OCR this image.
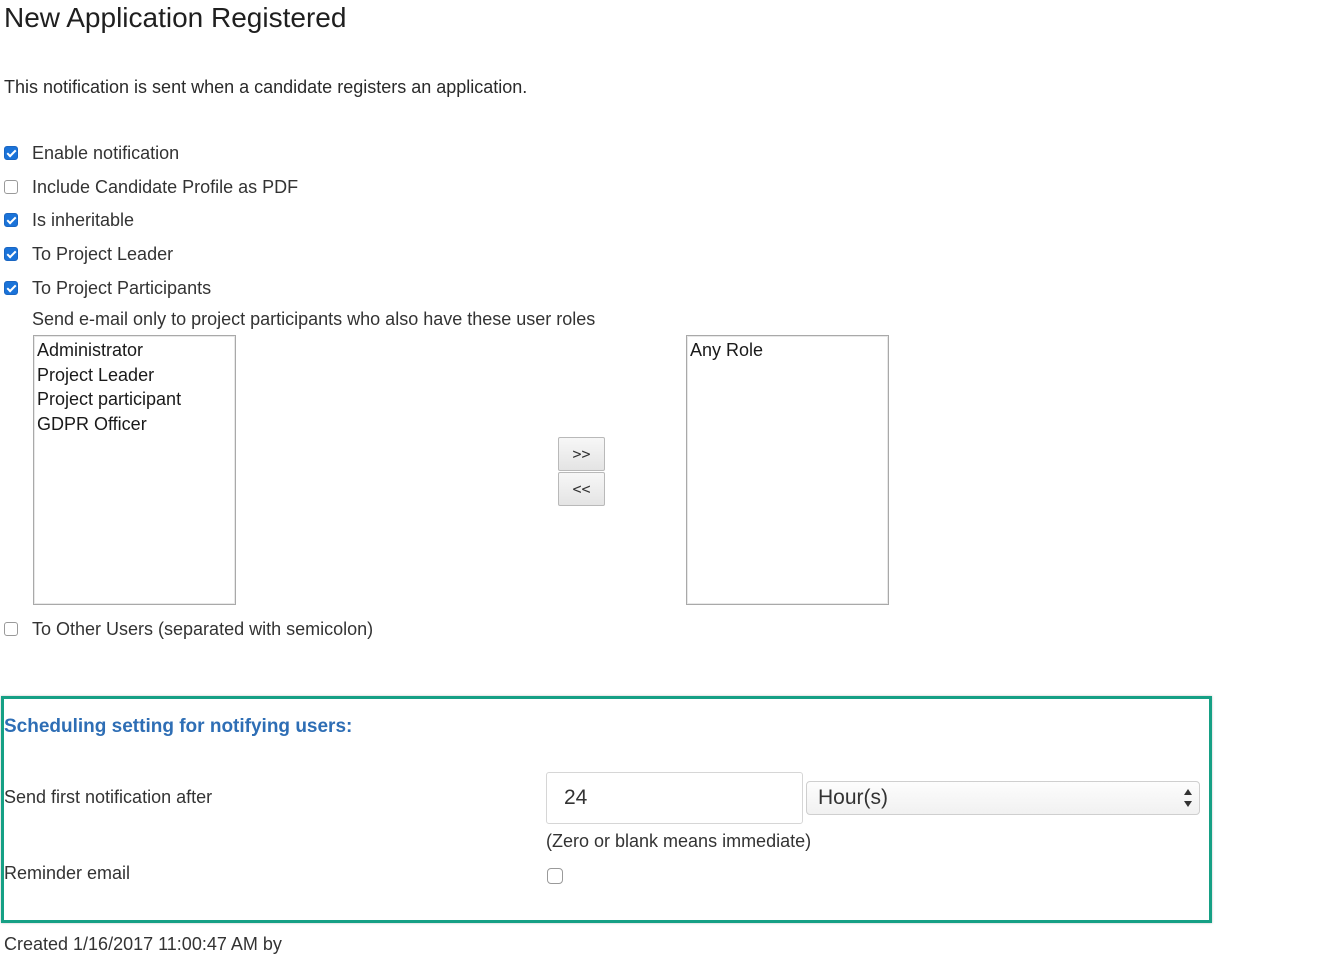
New Application Registered
This notification is sent when a candidate registers an application.
Enable notification
Include Candidate Profile as PDF
Is inheritable
To Project Leader
To Project Participants
Send e-mail only to project participants who also have these user roles
Administrator
Project Leader
Project participant
GDPR Officer
>>
<<
Any Role
To Other Users (separated with semicolon)
Scheduling setting for notifying users:
Send first notification after	24	Hour(s)
(Zero or blank means immediate)
Reminder email
Created 1/16/2017 11:00:47 AM by
